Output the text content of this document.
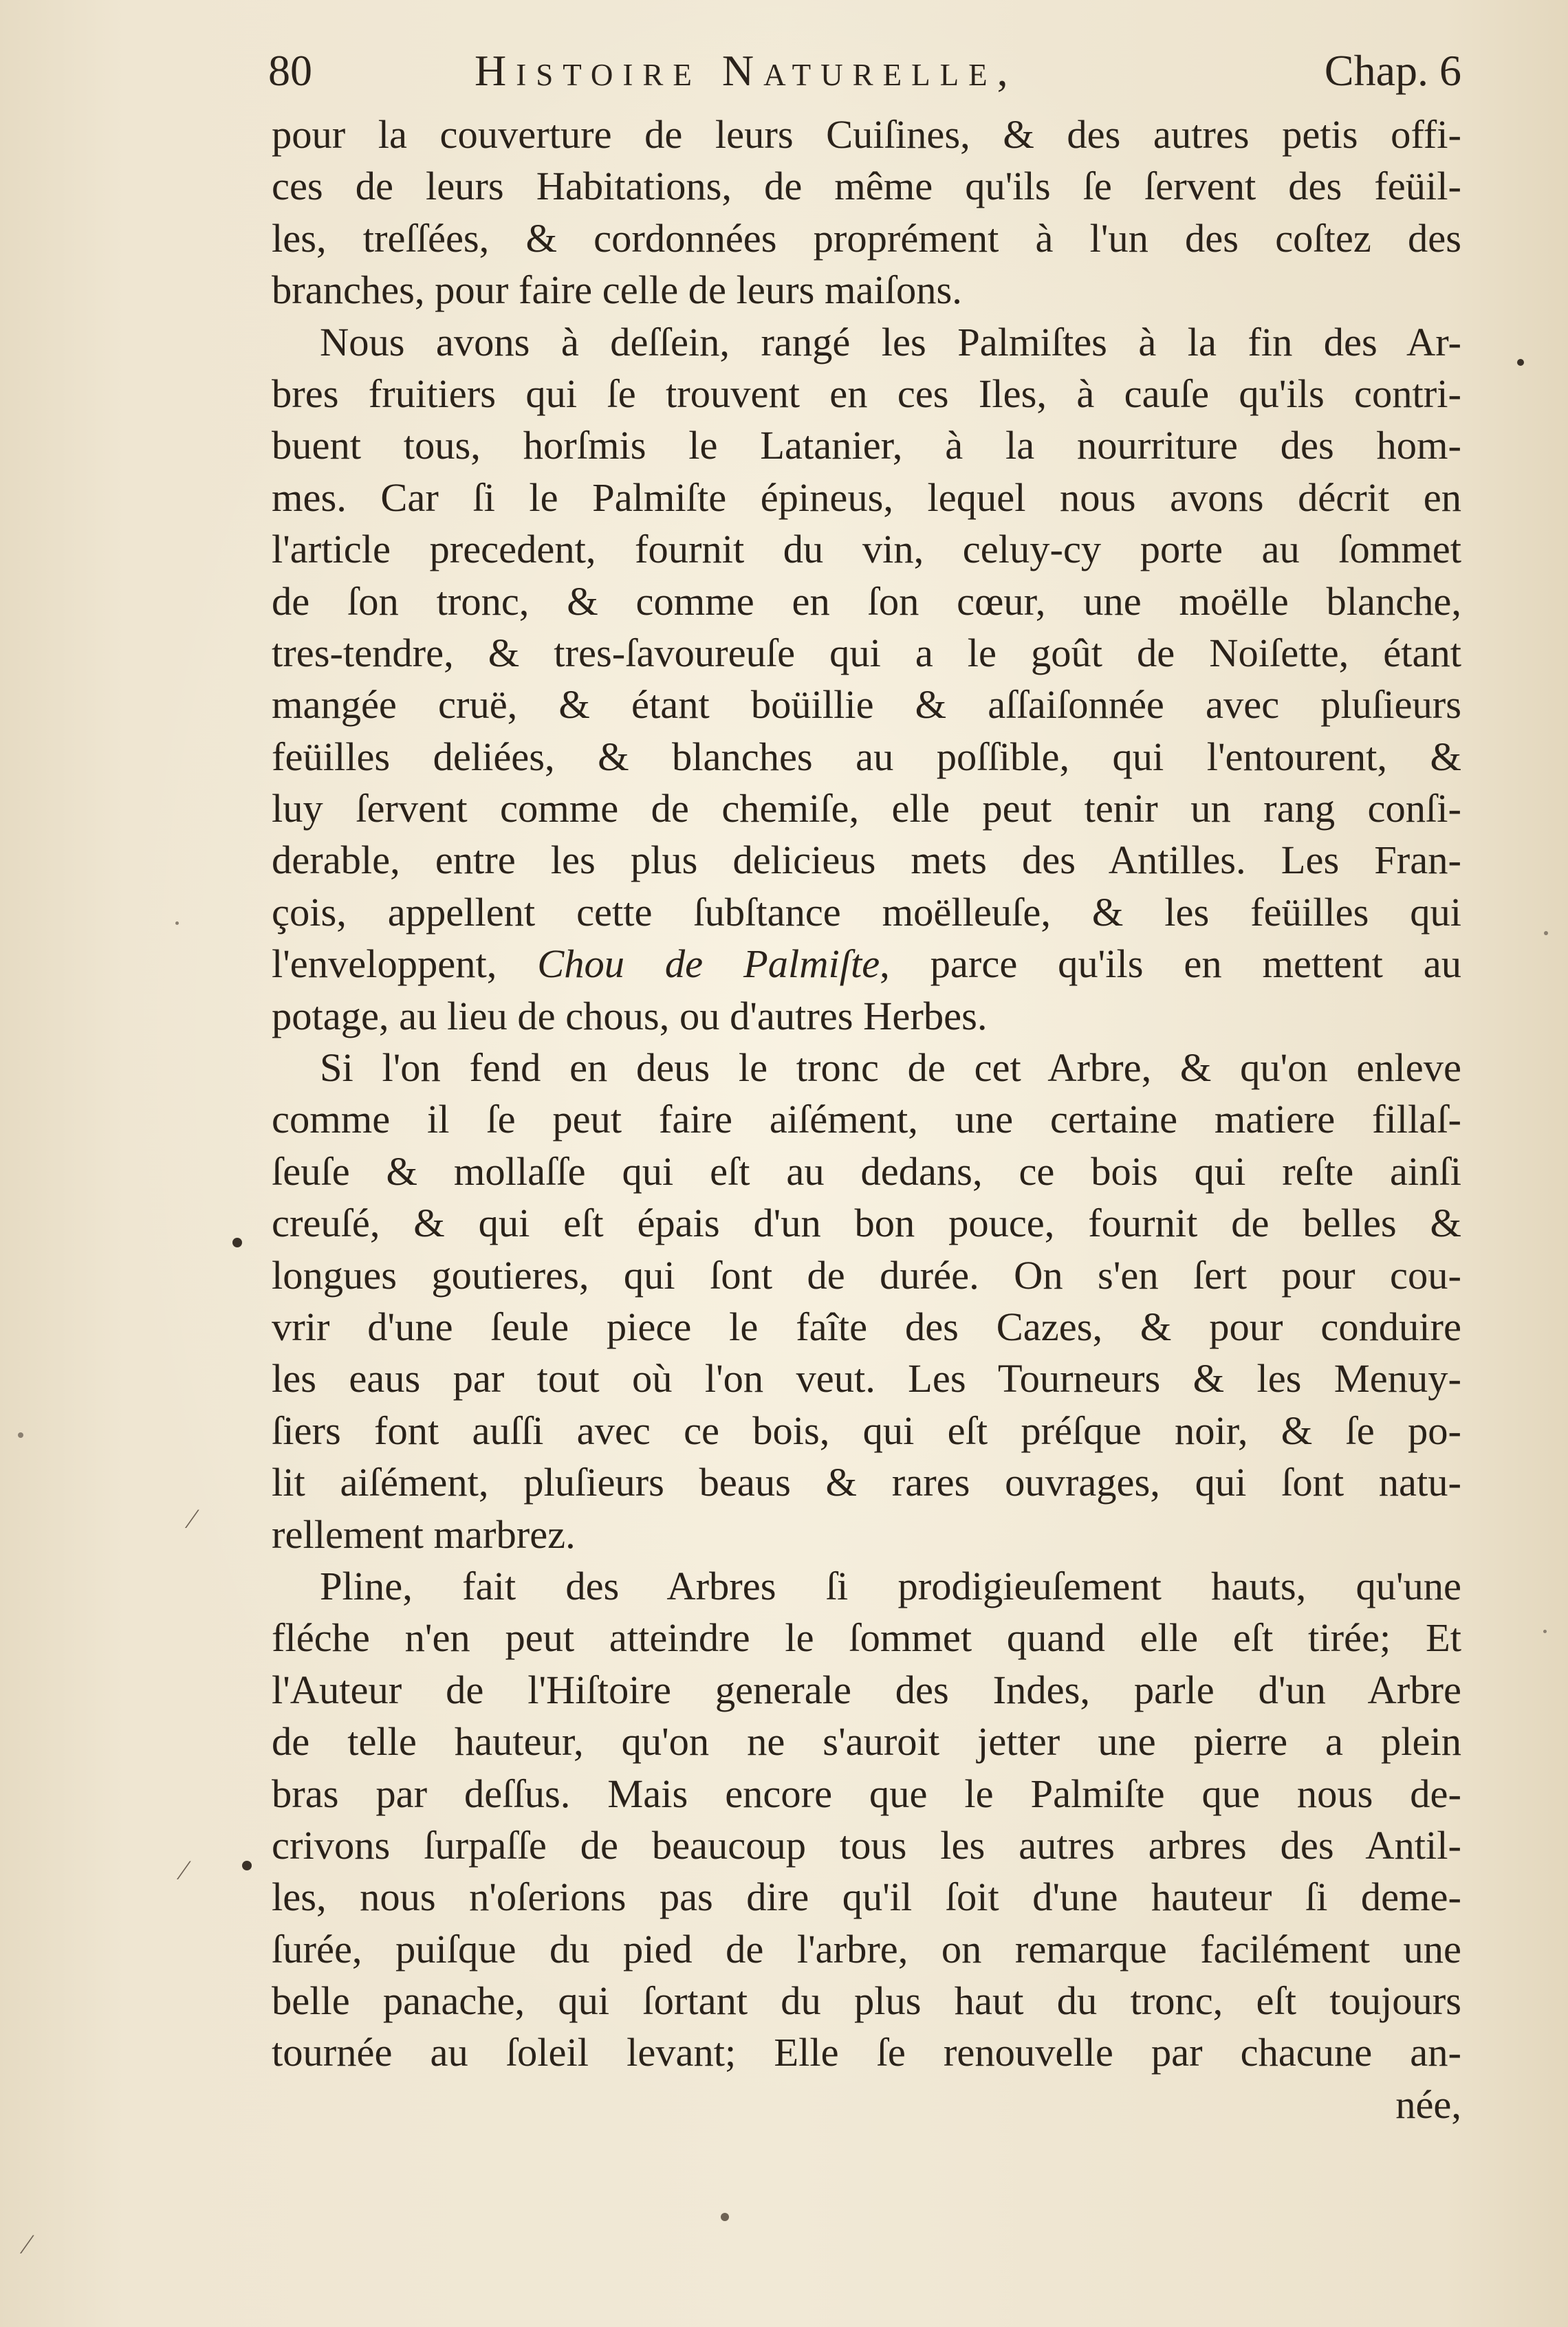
80	Histoire Naturelle,	Chap. 6
pour la couverture de leurs Cuiſines, & des autres petis offi-
ces de leurs Habitations, de même qu'ils ſe ſervent des feüil-
les, treſſées, & cordonnées proprément à l'un des coſtez des
branches, pour faire celle de leurs maiſons.
Nous avons à deſſein, rangé les Palmiſtes à la fin des Ar-
bres fruitiers qui ſe trouvent en ces Iles, à cauſe qu'ils contri-
buent tous, horſmis le Latanier, à la nourriture des hom-
mes. Car ſi le Palmiſte épineus, lequel nous avons décrit en
l'article precedent, fournit du vin, celuy-cy porte au ſommet
de ſon tronc, & comme en ſon cœur, une moëlle blanche,
tres-tendre, & tres-ſavoureuſe qui a le goût de Noiſette, étant
mangée cruë, & étant boüillie & aſſaiſonnée avec pluſieurs
feüilles deliées, & blanches au poſſible, qui l'entourent, &
luy ſervent comme de chemiſe, elle peut tenir un rang conſi-
derable, entre les plus delicieus mets des Antilles. Les Fran-
çois, appellent cette ſubſtance moëlleuſe, & les feüilles qui
l'enveloppent, Chou de Palmiſte, parce qu'ils en mettent au
potage, au lieu de chous, ou d'autres Herbes.
Si l'on fend en deus le tronc de cet Arbre, & qu'on enleve
comme il ſe peut faire aiſément, une certaine matiere fillaſ-
ſeuſe & mollaſſe qui eſt au dedans, ce bois qui reſte ainſi
creuſé, & qui eſt épais d'un bon pouce, fournit de belles &
longues goutieres, qui ſont de durée. On s'en ſert pour cou-
vrir d'une ſeule piece le faîte des Cazes, & pour conduire
les eaus par tout où l'on veut. Les Tourneurs & les Menuy-
ſiers font auſſi avec ce bois, qui eſt préſque noir, & ſe po-
lit aiſément, pluſieurs beaus & rares ouvrages, qui ſont natu-
rellement marbrez.
Pline, fait des Arbres ſi prodigieuſement hauts, qu'une
fléche n'en peut atteindre le ſommet quand elle eſt tirée; Et
l'Auteur de l'Hiſtoire generale des Indes, parle d'un Arbre
de telle hauteur, qu'on ne s'auroit jetter une pierre a plein
bras par deſſus. Mais encore que le Palmiſte que nous de-
crivons ſurpaſſe de beaucoup tous les autres arbres des Antil-
les, nous n'oſerions pas dire qu'il ſoit d'une hauteur ſi deme-
ſurée, puiſque du pied de l'arbre, on remarque facilément une
belle panache, qui ſortant du plus haut du tronc, eſt toujours
tournée au ſoleil levant; Elle ſe renouvelle par chacune an-
née,
⁄
⁄
⁄
